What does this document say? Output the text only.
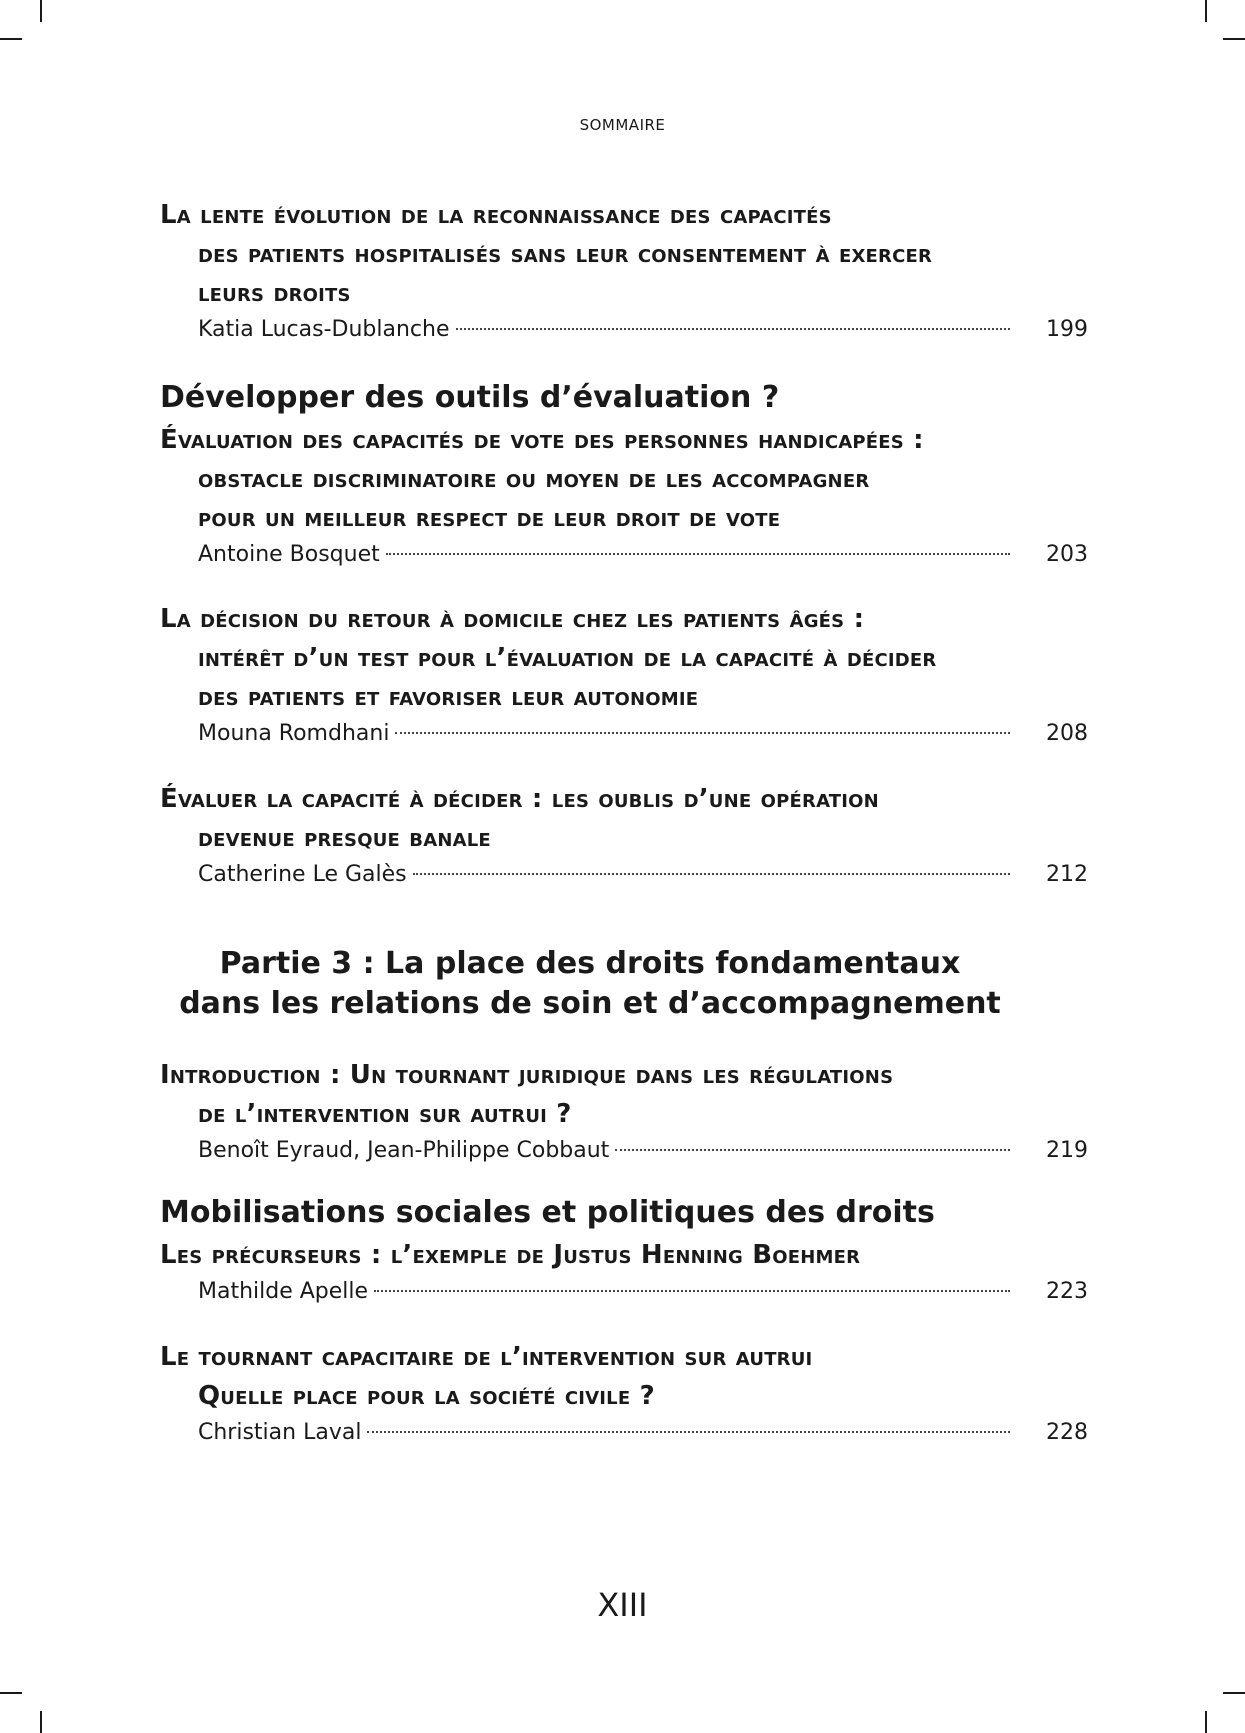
SOMMAIRE

La lente évolution de la reconnaissance des capacités
des patients hospitalisés sans leur consentement à exercer
leurs droits

Katia Lucas-Dublanche	199

Développer des outils d’évaluation ?

Évaluation des capacités de vote des personnes handicapées :
obstacle discriminatoire ou moyen de les accompagner
pour un meilleur respect de leur droit de vote

Antoine Bosquet	203

La décision du retour à domicile chez les patients âgés :
intérêt d’un test pour l’évaluation de la capacité à décider
des patients et favoriser leur autonomie

Mouna Romdhani	208

Évaluer la capacité à décider : les oublis d’une opération
devenue presque banale

Catherine Le Galès	212
Partie 3 : La place des droits fondamentaux
dans les relations de soin et d’accompagnement

Introduction : Un tournant juridique dans les régulations
de l’intervention sur autrui ?

Benoît Eyraud, Jean-Philippe Cobbaut	219

Mobilisations sociales et politiques des droits

Les précurseurs : l’exemple de Justus Henning Boehmer

Mathilde Apelle	223

Le tournant capacitaire de l’intervention sur autrui
Quelle place pour la société civile ?

Christian Laval	228
XIII
